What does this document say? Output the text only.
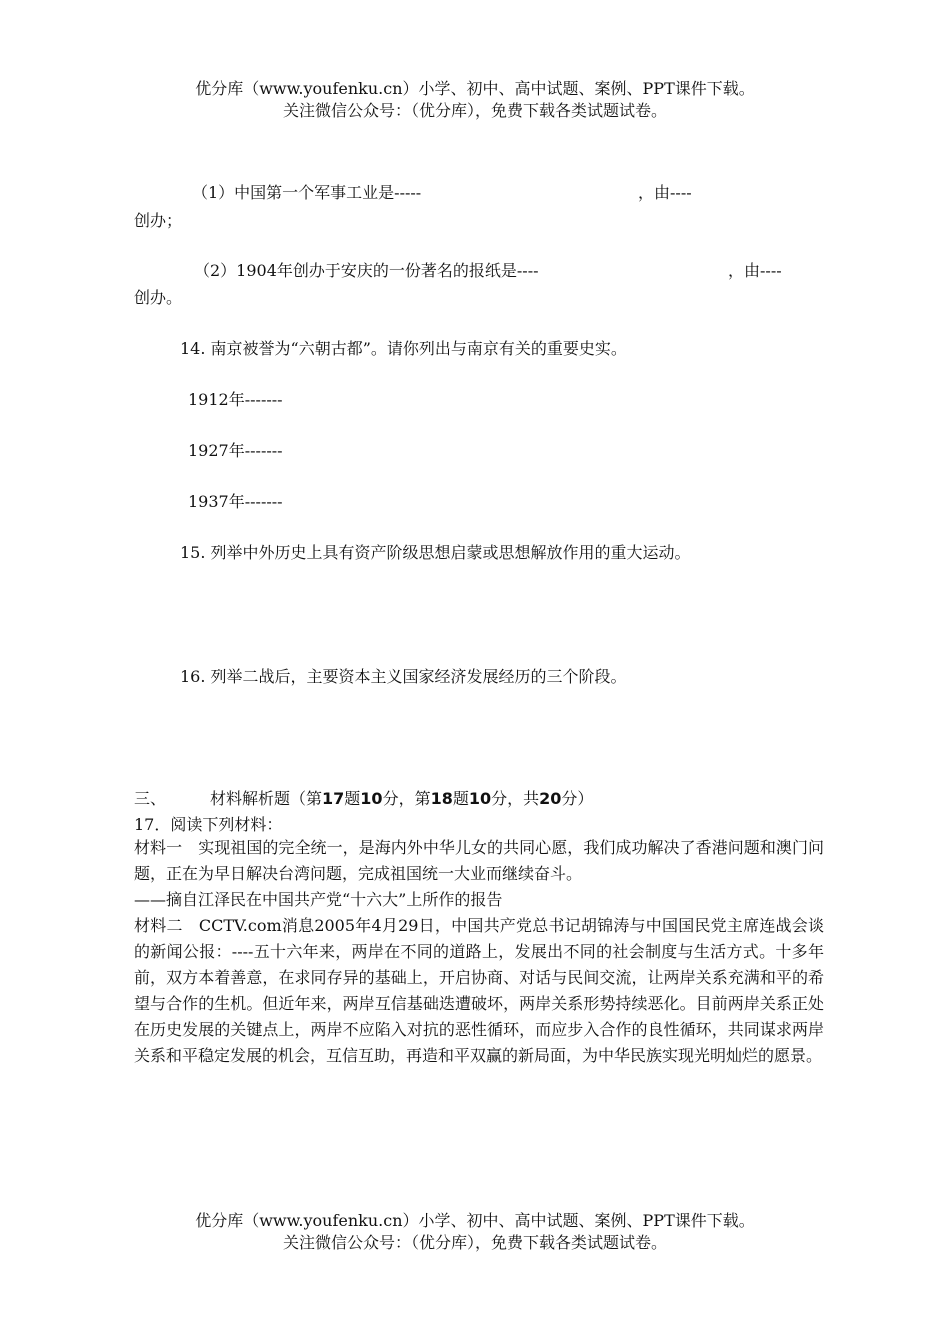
优分库（www.youfenku.cn）小学、初中、高中试题、案例、PPT课件下载。
关注微信公众号：（优分库），免费下载各类试题试卷。
（1）中国第一个军事工业是-----	，由----
创办；
（2）1904年创办于安庆的一份著名的报纸是----	，由----
创办。
14. 南京被誉为“六朝古都”。请你列出与南京有关的重要史实。
1912年-------
1927年-------
1937年-------
15. 列举中外历史上具有资产阶级思想启蒙或思想解放作用的重大运动。
16. 列举二战后，主要资本主义国家经济发展经历的三个阶段。
三、	材料解析题（第17题10分，第18题10分，共20分）
17．阅读下列材料：

材料一　实现祖国的完全统一，是海内外中华儿女的共同心愿，我们成功解决了香港问题和澳门问题，正在为早日解决台湾问题，完成祖国统一大业而继续奋斗。

——摘自江泽民在中国共产党“十六大”上所作的报告

材料二　CCTV.com消息2005年4月29日，中国共产党总书记胡锦涛与中国国民党主席连战会谈的新闻公报：----五十六年来，两岸在不同的道路上，发展出不同的社会制度与生活方式。十多年前，双方本着善意，在求同存异的基础上，开启协商、对话与民间交流，让两岸关系充满和平的希望与合作的生机。但近年来，两岸互信基础迭遭破坏，两岸关系形势持续恶化。目前两岸关系正处在历史发展的关键点上，两岸不应陷入对抗的恶性循环，而应步入合作的良性循环，共同谋求两岸关系和平稳定发展的机会，互信互助，再造和平双赢的新局面，为中华民族实现光明灿烂的愿景。

优分库（www.youfenku.cn）小学、初中、高中试题、案例、PPT课件下载。
关注微信公众号：（优分库），免费下载各类试题试卷。
